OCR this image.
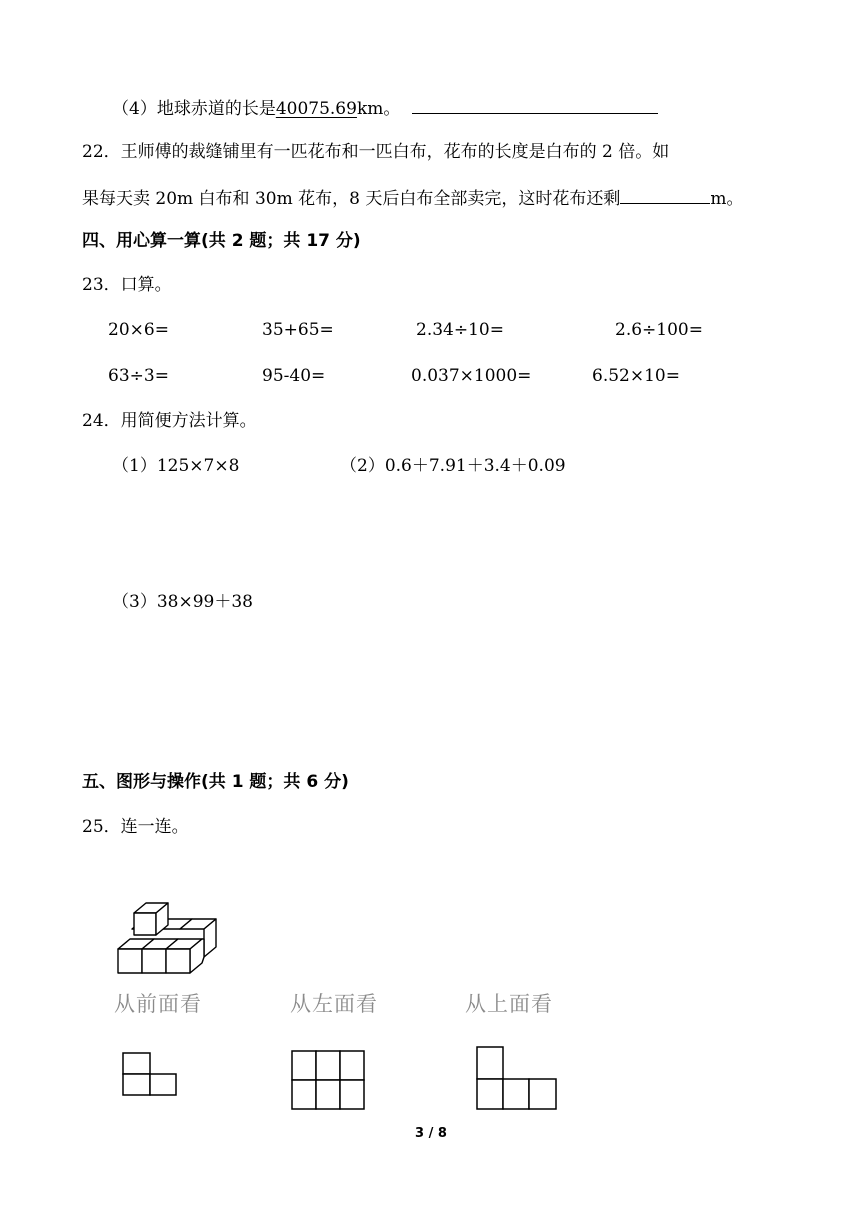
（4）地球赤道的长是40075.69km。
22．王师傅的裁缝铺里有一匹花布和一匹白布，花布的长度是白布的 2 倍。如
果每天卖 20m 白布和 30m 花布，8 天后白布全部卖完，这时花布还剩	m。
四、用心算一算(共 2 题；共 17 分)
23．口算。
20×6=	35+65=	2.34÷10=	2.6÷100=
63÷3=	95-40=	0.037×1000=	6.52×10=
24．用简便方法计算。
（1）125×7×8	（2）0.6＋7.91＋3.4＋0.09
（3）38×99＋38
五、图形与操作(共 1 题；共 6 分)
25．连一连。
从前面看	从左面看	从上面看
3 / 8
